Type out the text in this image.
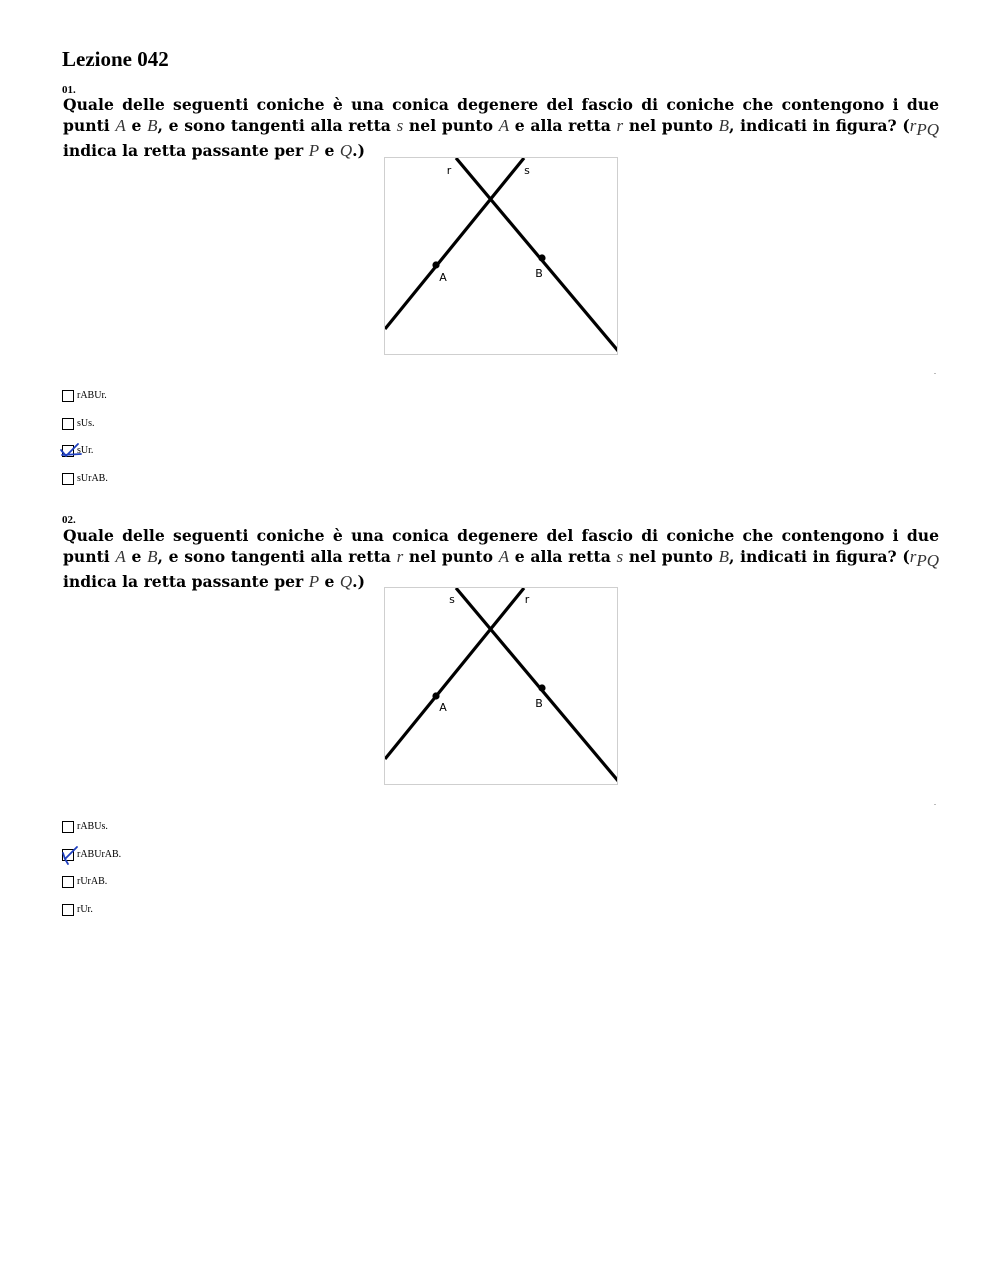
Lezione 042
01.
Quale delle seguenti coniche è una conica degenere del fascio di coniche che contengono i due punti A e B, e sono tangenti alla retta s nel punto A e alla retta r nel punto B, indicati in figura? ($r_{PQ}$ indica la retta passante per P e Q.)
r	s
A	B
rABUr.
sUs.
sUr.
sUrAB.
02.
Quale delle seguenti coniche è una conica degenere del fascio di coniche che contengono i due punti A e B, e sono tangenti alla retta r nel punto A e alla retta s nel punto B, indicati in figura? ($r_{PQ}$ indica la retta passante per P e Q.)
s	r
A	B
rABUs.
rABUrAB.
rUrAB.
rUr.
